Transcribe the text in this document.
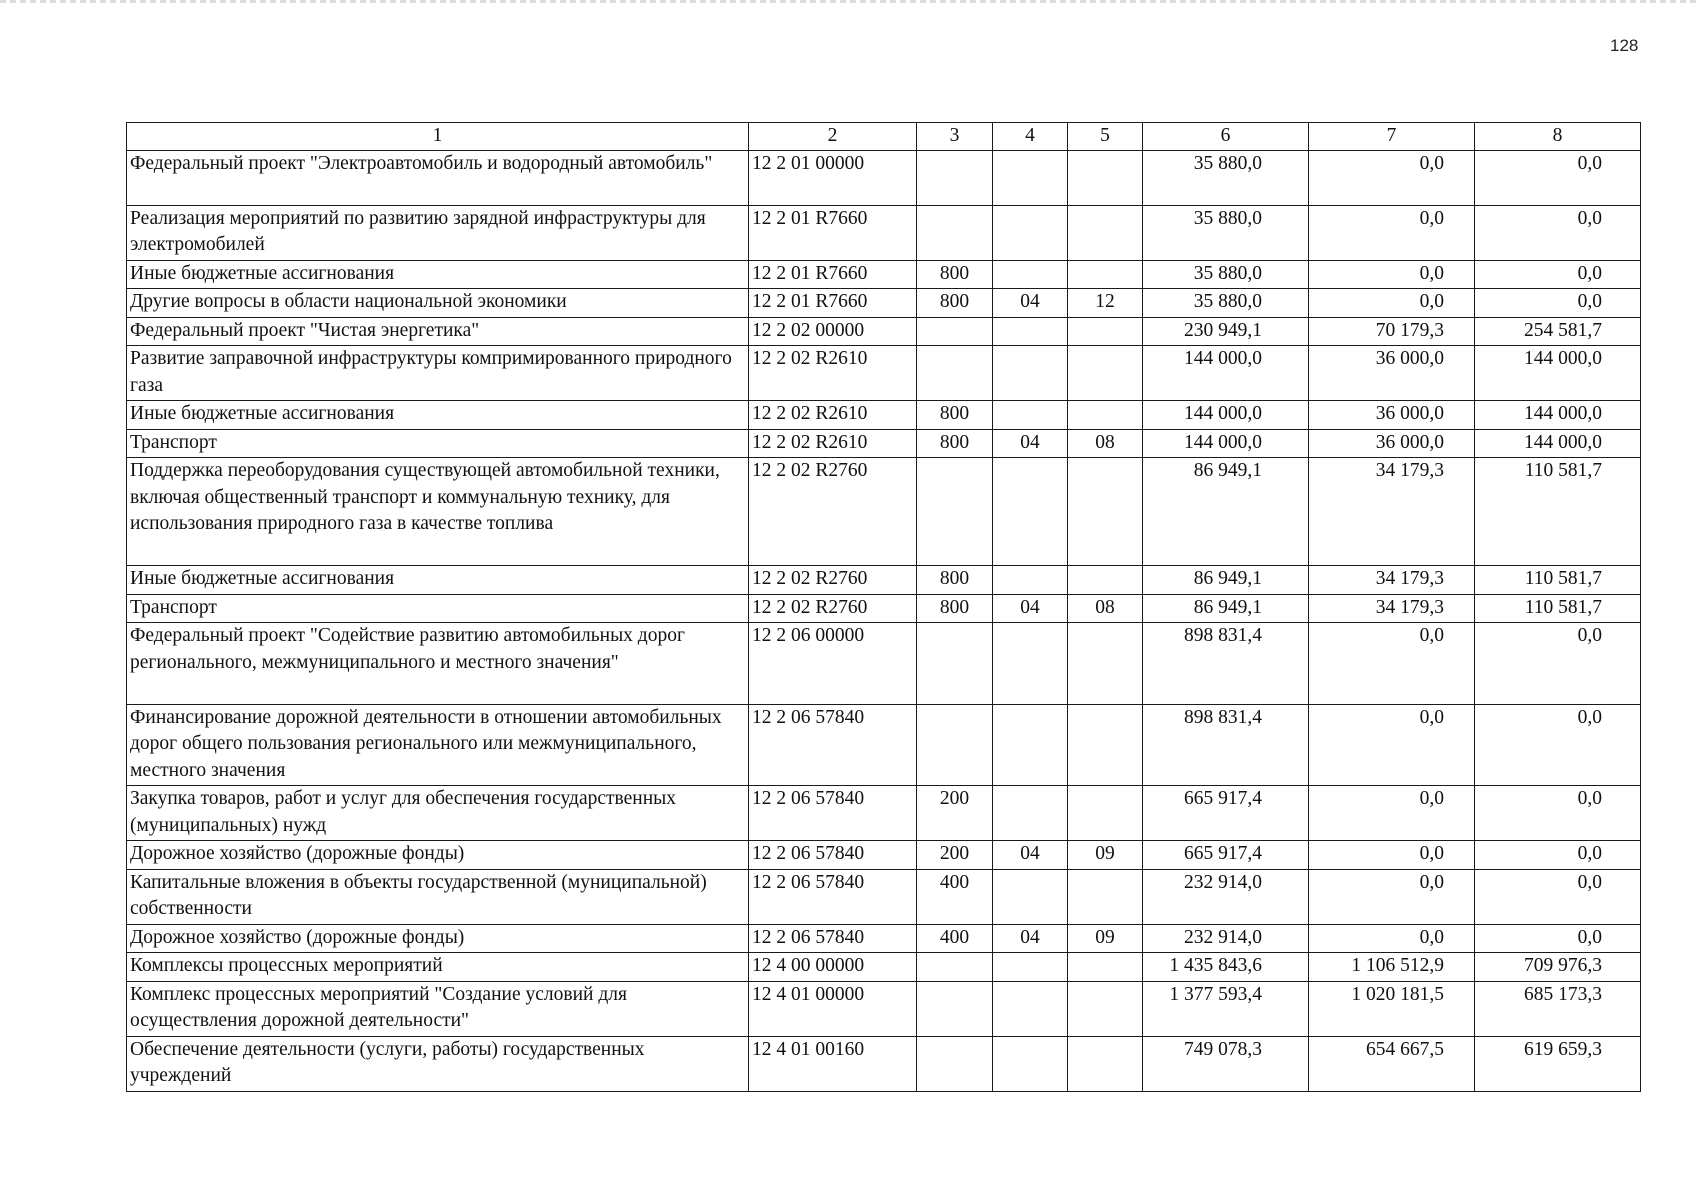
128
1	2	3	4	5	6	7	8
Федеральный проект "Электроавтомобиль и водородный автомобиль"	12 2 01 00000				35 880,0	0,0	0,0
Реализация мероприятий по развитию зарядной инфраструктуры для электромобилей	12 2 01 R7660				35 880,0	0,0	0,0
Иные бюджетные ассигнования	12 2 01 R7660	800			35 880,0	0,0	0,0
Другие вопросы в области национальной экономики	12 2 01 R7660	800	04	12	35 880,0	0,0	0,0
Федеральный проект "Чистая энергетика"	12 2 02 00000				230 949,1	70 179,3	254 581,7
Развитие заправочной инфраструктуры компримированного природного газа	12 2 02 R2610				144 000,0	36 000,0	144 000,0
Иные бюджетные ассигнования	12 2 02 R2610	800			144 000,0	36 000,0	144 000,0
Транспорт	12 2 02 R2610	800	04	08	144 000,0	36 000,0	144 000,0
Поддержка переоборудования существующей автомобильной техники, включая общественный транспорт и коммунальную технику, для использования природного газа в качестве топлива	12 2 02 R2760				86 949,1	34 179,3	110 581,7
Иные бюджетные ассигнования	12 2 02 R2760	800			86 949,1	34 179,3	110 581,7
Транспорт	12 2 02 R2760	800	04	08	86 949,1	34 179,3	110 581,7
Федеральный проект "Содействие развитию автомобильных дорог регионального, межмуниципального и местного значения"	12 2 06 00000				898 831,4	0,0	0,0
Финансирование дорожной деятельности в отношении автомобильных дорог общего пользования регионального или межмуниципального, местного значения	12 2 06 57840				898 831,4	0,0	0,0
Закупка товаров, работ и услуг для обеспечения государственных (муниципальных) нужд	12 2 06 57840	200			665 917,4	0,0	0,0
Дорожное хозяйство (дорожные фонды)	12 2 06 57840	200	04	09	665 917,4	0,0	0,0
Капитальные вложения в объекты государственной (муниципальной) собственности	12 2 06 57840	400			232 914,0	0,0	0,0
Дорожное хозяйство (дорожные фонды)	12 2 06 57840	400	04	09	232 914,0	0,0	0,0
Комплексы процессных мероприятий	12 4 00 00000				1 435 843,6	1 106 512,9	709 976,3
Комплекс процессных мероприятий "Создание условий для осуществления дорожной деятельности"	12 4 01 00000				1 377 593,4	1 020 181,5	685 173,3
Обеспечение деятельности (услуги, работы) государственных учреждений	12 4 01 00160				749 078,3	654 667,5	619 659,3
